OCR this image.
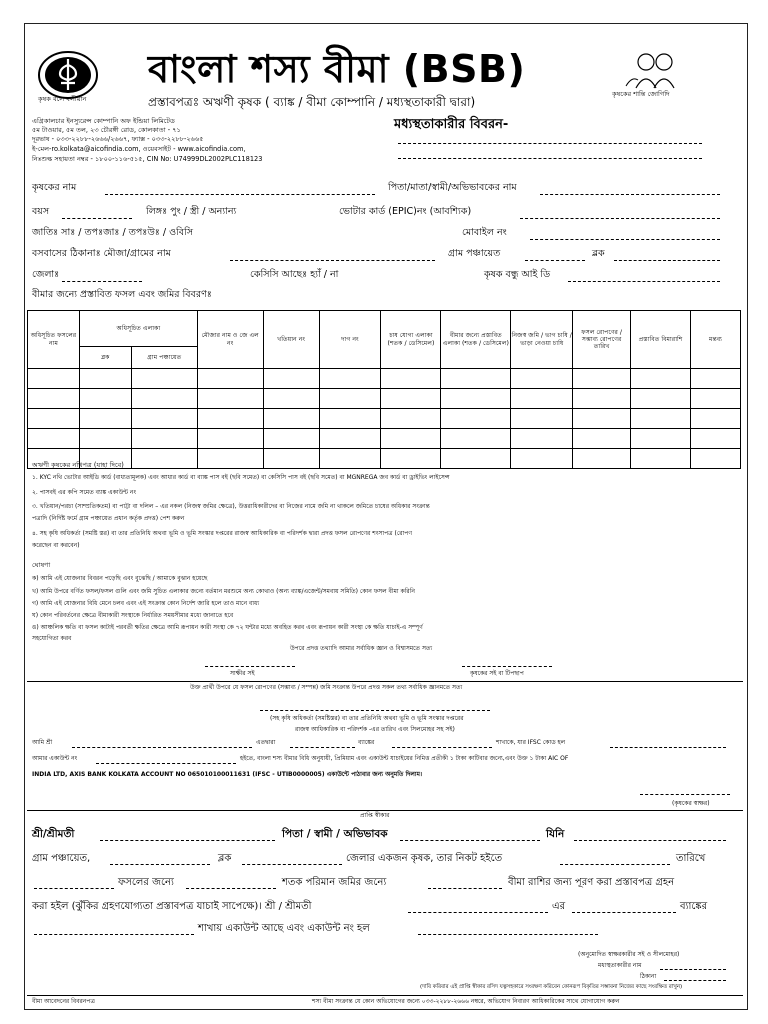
কৃষক বলে বলীয়ান
বাংলা শস্য বীমা (BSB)
প্রস্তাবপত্রঃ অঋণী কৃষক ( ব্যাঙ্ক / বীমা কোম্পানি / মধ্যস্থতাকারী দ্বারা)
কৃষকের শান্তি জোগিদি
এগ্রিকালচার ইনস্যুরেন্স কোম্পানি অফ ইন্ডিয়া লিমিটেড
৫ম টাওয়ার, ৫ম তল, ২৩ চৌরঙ্গী রোড, কোলকাতা - ৭১
দূরভাষ - ০৩৩-২২৮৮-২৬৬৬/২৬৬৭, ফ্যাক্স - ০৩৩-২২৮৮-২৬৬৫
ই-মেল-ro.kolkata@aicofindia.com, ওয়েবসাইট - www.aicofindia.com,
নিঃশুল্ক সহায়তা নম্বর - ১৮০০-১১৬-৫১৫, CIN No: U74999DL2002PLC118123
মধ্যস্থতাকারীর বিবরন-
কৃষকের নাম	পিতা/মাতা/স্বামী/অভিভাবকের নাম
বয়স	লিঙ্গঃ পুং / স্ত্রী / অন্যান্য	ভোটার কার্ড (EPIC)নং (আবশ্যিক)
জাতিঃ সাঃ / তপঃজাঃ / তপঃউঃ / ওবিসি	মোবাইল নং
বসবাসের ঠিকানাঃ মৌজা/গ্রামের নাম	গ্রাম পঞ্চায়েত	ব্লক
জেলাঃ	কেসিসি আছেঃ হ্যাঁ / না	কৃষক বন্ধু আই ডি
বীমার জন্যে প্রস্তাবিত ফসল এবং জমির বিবরণঃ
অধিসূচিত ফসলের নাম	অধিসূচিত এলাকা		মৌজার নাম ও জে এল নং	খতিয়ান নং	দাগ নং	চাষ যোগ্য এলাকা (শতক / ডেসিমেল)	বীমার জন্যে প্রস্তাবিত এলাকা (শতক / ডেসিমেল)	নিজস্ব জমি / ভাগ চাষি / ভাড়া নেওয়া চাষি	ফসল রোপণের / সম্ভাব্য রোপণের তারিখ	প্রস্তাবিত বিমারাশি	মন্তব্য
	ব্লক	গ্রাম পঞ্চায়েত									

অঋণী কৃষকের নথিপত্র (যাহা দিবে)
১. KYC নথি ভোটার আইডি কার্ড (বাধ্যতামূলক) এবং আধার কার্ড বা ব্যাঙ্ক পাস বই (ছবি সমেত) বা কেসিসি পাস বই (ছবি সমেত) বা MGNREGA জব কার্ড বা ড্রাইভিং লাইসেন্স
২. পাসবই এর কপি সমেত ব্যাঙ্ক একাউন্ট নং
৩. খতিয়ান/পরচা (সাম্প্রতিকতম) বা পাট্টা বা দলিল – এর নকল (নিজস্ব জমির ক্ষেত্রে), উত্তরাধিকারীদের বা নিজের নামে জমি না থাকলে জমিতে চাষের অধিকার সংক্রান্ত
পত্রাদি (নির্দিষ্ট ফর্মে গ্রাম পঞ্চায়েত প্রধান কর্তৃক প্রদত্ত) পেশ করুন
৪. সহ কৃষি অধিকর্তা (সমষ্টি স্তর) বা তার প্রতিনিধি অথবা ভূমি ও ভূমি সংস্কার দপ্তরের রাজস্ব আধিকারিক বা পরিদর্শক দ্বারা প্রদত্ত ফসল রোপণের শংসাপত্র (রোপণ
করেছেন বা করবেন)
ঘোষণা
ক) আমি এই যোজনার বিবরন পড়েছি এবং বুঝেছি / আমাকে বুঝান হয়েছে
খ) আমি উপরে বর্ণিত ফসল/ফসল গুলি এবং জমি সুচিত এলাকার জন্যে বর্তমান মরশুমে অন্য কোথাও (অন্য ব্যাঙ্ক/এজেন্ট/সমবায় সমিতি) কোন ফসল বীমা করিনি
গ) আমি এই যোজনার বিধি মেনে চলব এবং এই সংক্রান্ত কোন নির্দেশ জারি হলে তাও মানে বাধ্য
ঘ) কোন পরিবর্তনের ক্ষেত্রে বীমাকারী সংস্থাকে নির্ধারিত সময়সীমার মধ্যে জানাতে হবে
ঙ) আঞ্চলিক ক্ষতি বা ফসল কাটাই পরবর্তী ক্ষতির ক্ষেত্রে আমি রূপায়ন কারী সংস্থা কে ৭২ ঘন্টার মধ্যে অবহিত করব এবং রূপায়ন কারী সংস্থা কে ক্ষতি যাচাই-এ সম্পূর্ণ
সহযোগিতা করব
উপরে প্রদত্ত তথ্যাদি আমার সর্বাধিক জ্ঞান ও বিশ্বাসমতে সত্য
সাক্ষীর সই	কৃষকের সই বা টিপছাপ
উক্ত প্রার্থী উপরে যে ফসল রোপণের (সম্ভাব্য / সম্পন্ন) জমি সংক্রান্ত উপরে প্রদত্ত সকল তথ্য সর্বাধিক জ্ঞানমতে সত্য
(সহ কৃষি অধিকর্তা (সমষ্টিস্তর) বা তার প্রতিনিধি অথবা ভূমি ও ভূমি সংস্কার দপ্তরের
রাজস্ব আধিকারিক বা পরিদর্শক -এর তারিখ এবং সিলমোহর সহ সই)
আমি শ্রী	এতদ্বারা	ব্যাঙ্কের	শাখাকে, যার IFSC কোড হল
আমার একাউন্ট নং	হইতে, বাংলা শস্য বীমার বিধি অনুযায়ী, প্রিমিয়াম এবং একাউন্ট যাচাইয়ের নিমিত্ত প্রতীকী ১ টাকা কাটিবার জন্যে,এবং উক্ত ১ টাকা AIC OF
INDIA LTD, AXIS BANK KOLKATA ACCOUNT NO 065010100011631 (IFSC - UTIB0000005) একাউন্টে পাঠাবার জন্য অনুমতি দিলাম।
(কৃষকের স্বাক্ষর)
প্রাপ্তি স্বীকার
শ্রী/শ্রীমতী	পিতা / স্বামী / অভিভাবক	যিনি
গ্রাম পঞ্চায়েত,	ব্লক	জেলার একজন কৃষক, তার নিকট হইতে	তারিখে
ফসলের জন্যে	শতক পরিমান জমির জন্যে	বীমা রাশির জন্য পূরণ করা প্রস্তাবপত্র গ্রহন
করা হইল (ঝুঁকির গ্রহণযোগ্যতা প্রস্তাবপত্র যাচাই সাপেক্ষে)। শ্রী / শ্রীমতী	এর	ব্যাঙ্কের
শাখায় একাউন্ট আছে এবং একাউন্ট নং হল
(অনুমোদিত স্বাক্ষরকারীর সই ও সীলমোহর)
মধ্যস্থতাকারীর নাম
ঠিকানা
(দাবি করিবার এই প্রাপ্তি স্বীকার রসিদ যত্নসহকারে সংরক্ষণ করিবেন কোনরূপ বিকৃতির সম্ভাবনা নিজের কাছে সংরক্ষিত রাখুন)
বীমা আবেদনের বিবরনপত্র	শস্য বীমা সংক্রান্ত যে কোন অভিযোগের জন্যে ০৩৩-২২৮৮-২৬৬৬ নম্বরে, অভিযোগ নিবারণ আধিকারিকের সাথে যোগাযোগ করুন
